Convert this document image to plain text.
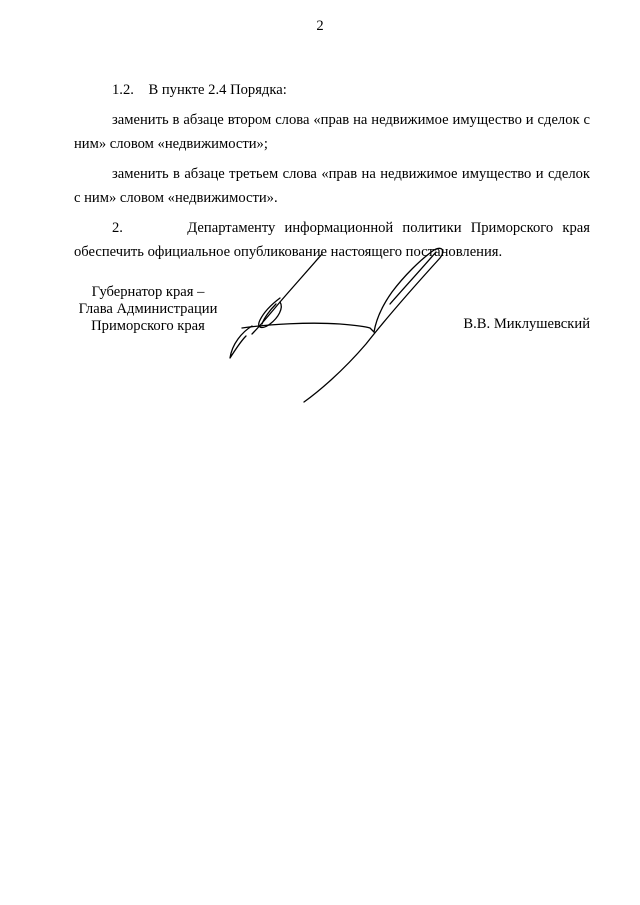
2

1.2.    В пункте 2.4 Порядка:

заменить в абзаце втором слова «прав на недвижимое имущество и сделок с ним» словом «недвижимости»;

заменить в абзаце третьем слова «прав на недвижимое имущество и сделок с ним» словом «недвижимости».

2.       Департаменту информационной политики Приморского края обеспечить официальное опубликование настоящего постановления.

Губернатор края –
Глава Администрации
Приморского края	В.В. Миклушевский
